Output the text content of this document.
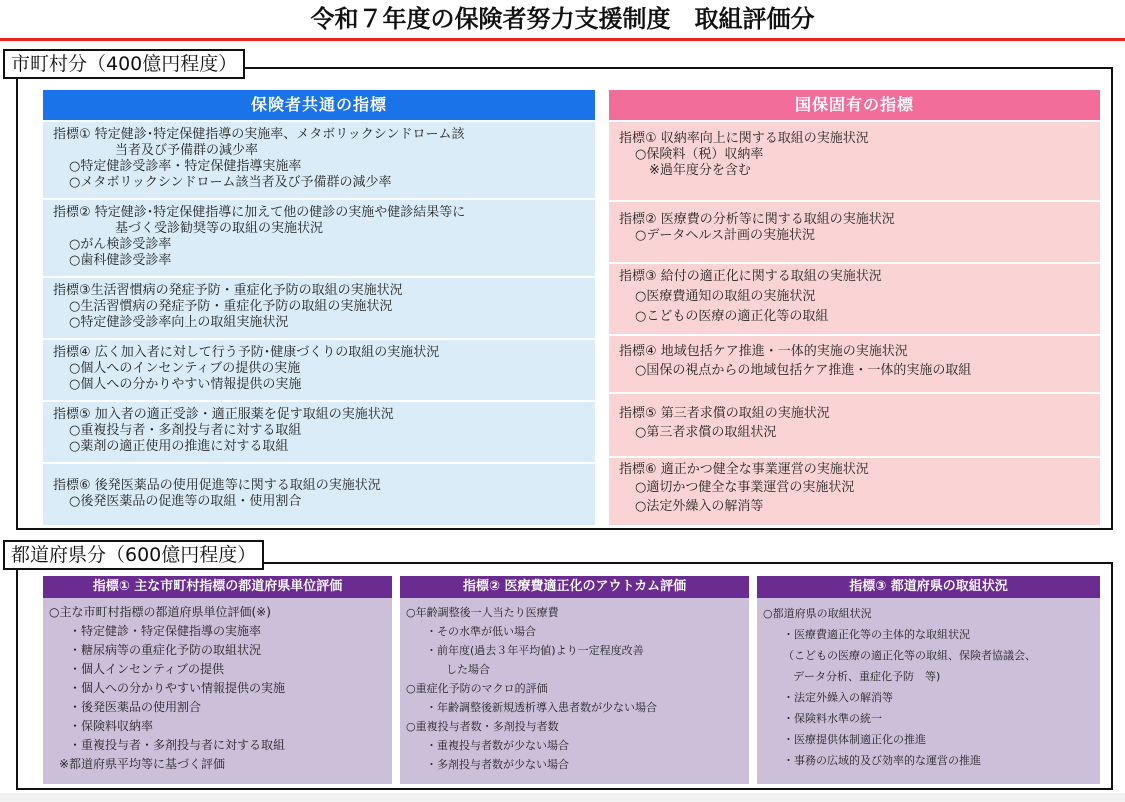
令和７年度の保険者努力支援制度　取組評価分
市町村分（400億円程度）
保険者共通の指標
指標① 特定健診･特定保健指導の実施率、メタボリックシンドローム該
当者及び予備群の減少率
○特定健診受診率・特定保健指導実施率
○メタボリックシンドローム該当者及び予備群の減少率
指標② 特定健診･特定保健指導に加えて他の健診の実施や健診結果等に
基づく受診勧奨等の取組の実施状況
○がん検診受診率
○歯科健診受診率
指標③生活習慣病の発症予防・重症化予防の取組の実施状況
○生活習慣病の発症予防・重症化予防の取組の実施状況
○特定健診受診率向上の取組実施状況
指標④ 広く加入者に対して行う予防･健康づくりの取組の実施状況
○個人へのインセンティブの提供の実施
○個人への分かりやすい情報提供の実施
指標⑤ 加入者の適正受診・適正服薬を促す取組の実施状況
○重複投与者・多剤投与者に対する取組
○薬剤の適正使用の推進に対する取組
指標⑥ 後発医薬品の使用促進等に関する取組の実施状況
○後発医薬品の促進等の取組・使用割合
国保固有の指標
指標① 収納率向上に関する取組の実施状況
○保険料（税）収納率
※過年度分を含む
指標② 医療費の分析等に関する取組の実施状況
○データヘルス計画の実施状況
指標③ 給付の適正化に関する取組の実施状況
○医療費通知の取組の実施状況
○こどもの医療の適正化等の取組
指標④ 地域包括ケア推進・一体的実施の実施状況
○国保の視点からの地域包括ケア推進・一体的実施の取組
指標⑤ 第三者求償の取組の実施状況
○第三者求償の取組状況
指標⑥ 適正かつ健全な事業運営の実施状況
○適切かつ健全な事業運営の実施状況
○法定外繰入の解消等
都道府県分（600億円程度）
指標① 主な市町村指標の都道府県単位評価
○主な市町村指標の都道府県単位評価(※)
・特定健診・特定保健指導の実施率
・糖尿病等の重症化予防の取組状況
・個人インセンティブの提供
・個人への分かりやすい情報提供の実施
・後発医薬品の使用割合
・保険料収納率
・重複投与者・多剤投与者に対する取組
※都道府県平均等に基づく評価
指標② 医療費適正化のアウトカム評価
○年齢調整後一人当たり医療費
・その水準が低い場合
・前年度(過去３年平均値)より一定程度改善
した場合
○重症化予防のマクロ的評価
・年齢調整後新規透析導入患者数が少ない場合
○重複投与者数・多剤投与者数
・重複投与者数が少ない場合
・多剤投与者数が少ない場合
指標③ 都道府県の取組状況
○都道府県の取組状況
・医療費適正化等の主体的な取組状況
（こどもの医療の適正化等の取組、保険者協議会、
データ分析、重症化予防　等)
・法定外繰入の解消等
・保険料水準の統一
・医療提供体制適正化の推進
・事務の広域的及び効率的な運営の推進
